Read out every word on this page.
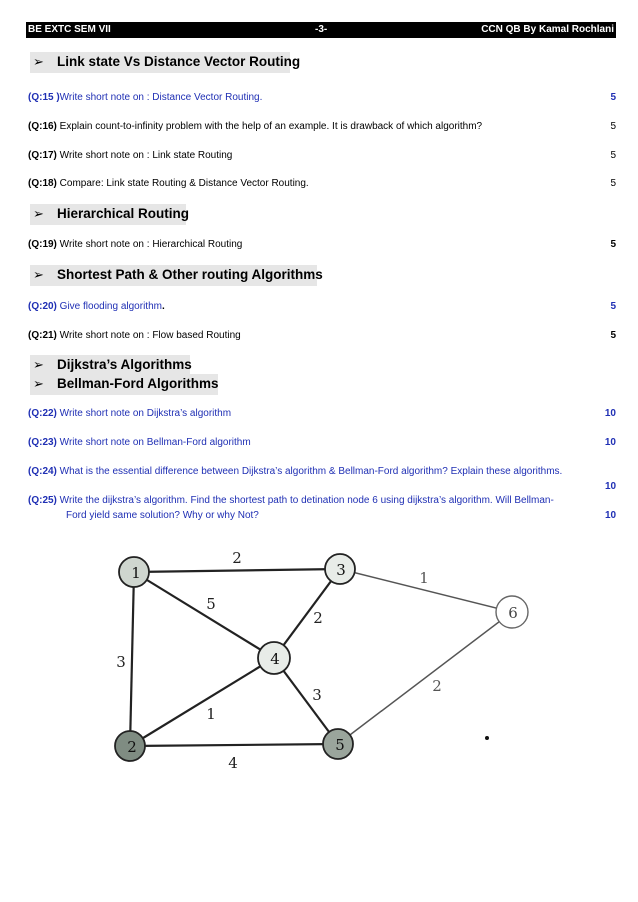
BE EXTC SEM VII	-3-	CCN QB By Kamal Rochlani
➢ Link state Vs Distance Vector Routing
(Q:15 )Write short note on : Distance Vector Routing.	5
(Q:16) Explain count-to-infinity problem with the help of an example. It is drawback of which algorithm?	5
(Q:17) Write short note on : Link state Routing	5
(Q:18) Compare: Link state Routing & Distance Vector Routing.	5
➢ Hierarchical Routing
(Q:19) Write short note on : Hierarchical Routing	5
➢ Shortest Path & Other routing Algorithms
(Q:20) Give flooding algorithm.	5
(Q:21) Write short note on : Flow based Routing	5
➢ Dijkstra’s Algorithms
➢ Bellman-Ford Algorithms
(Q:22) Write short note on Dijkstra’s algorithm	10
(Q:23) Write short note on Bellman-Ford algorithm	10
(Q:24) What is the essential difference between Dijkstra’s algorithm & Bellman-Ford algorithm? Explain these algorithms.
10
(Q:25) Write the dijkstra’s algorithm. Find the shortest path to detination node 6 using dijkstra’s algorithm. Will Bellman-
Ford yield same solution? Why or why Not?	10
1
2
3
4
5
6
2
5
3
2
1
1
3
4
2
